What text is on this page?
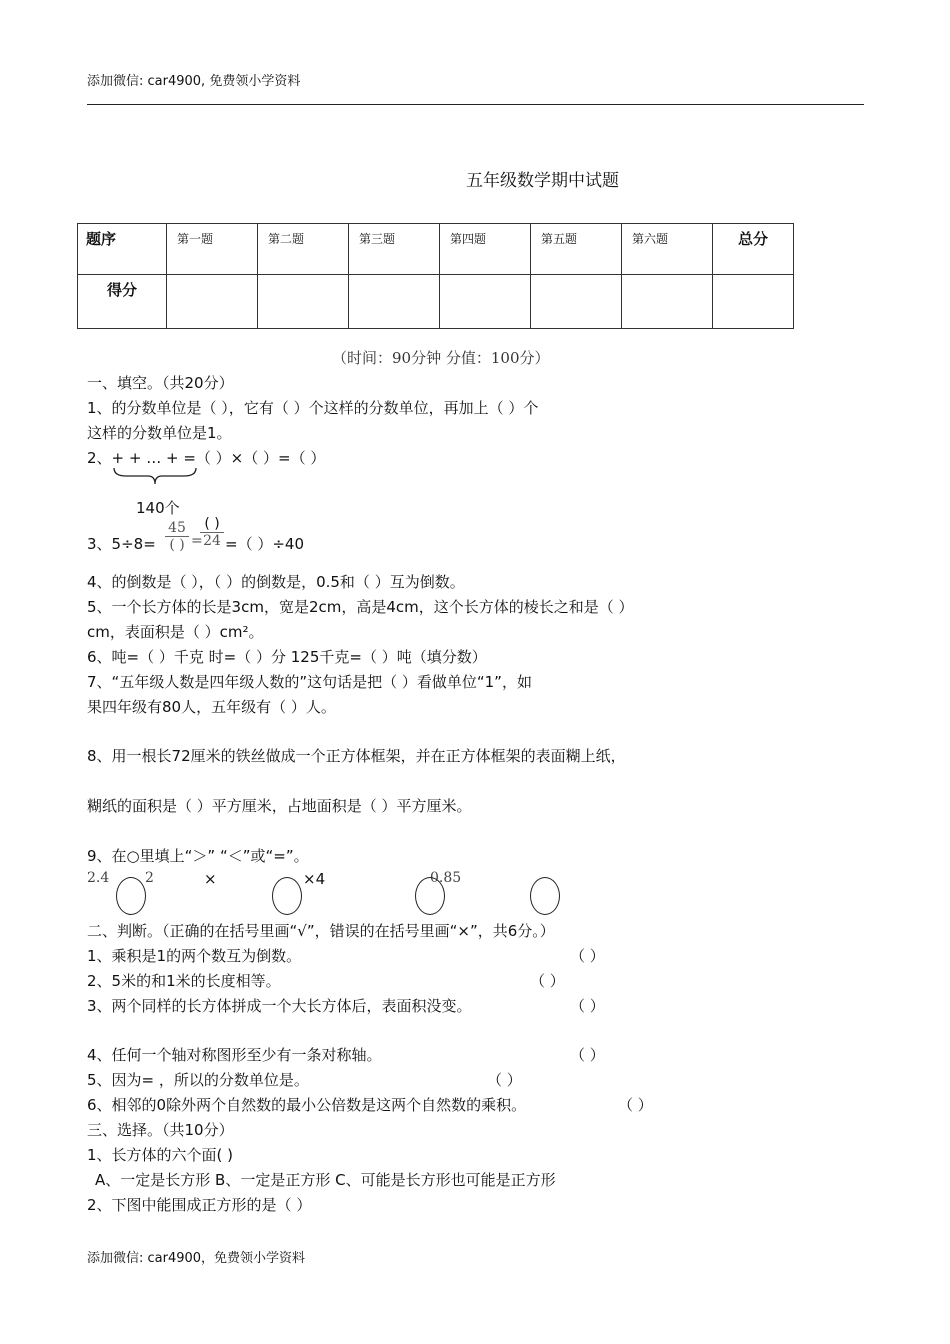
添加微信: car4900, 免费领小学资料
五年级数学期中试题
题序	第一题	第二题	第三题	第四题	第五题	第六题	总分
得分							
（时间：90分钟 分值：100分）
一、填空。（共20分）
1、的分数单位是（ ），它有（ ）个这样的分数单位，再加上（ ）个
这样的分数单位是1。
2、+ + … + =（ ）×（ ）=（ ）
140个
3、5÷8=
45
( ) =
( )
24 =（ ）÷40
4、的倒数是（ ），（ ）的倒数是，0.5和（ ）互为倒数。
5、一个长方体的长是3cm，宽是2cm，高是4cm，这个长方体的棱长之和是（ ）
cm，表面积是（ ）cm²。
6、吨=（ ）千克 时=（ ）分 125千克=（ ）吨（填分数）
7、“五年级人数是四年级人数的”这句话是把（ ）看做单位“1”，如
果四年级有80人，五年级有（ ）人。
8、用一根长72厘米的铁丝做成一个正方体框架，并在正方体框架的表面糊上纸，
糊纸的面积是（ ）平方厘米，占地面积是（ ）平方厘米。
9、在○里填上“＞” “＜”或“=”。
2.4	2	×	×4	0.85
二、判断。（正确的在括号里画“√”，错误的在括号里画“×”，共6分。）
1、乘积是1的两个数互为倒数。	（ ）
2、5米的和1米的长度相等。	（ ）
3、两个同样的长方体拼成一个大长方体后，表面积没变。	（ ）
4、任何一个轴对称图形至少有一条对称轴。	（ ）
5、因为= ，所以的分数单位是。	（ ）
6、相邻的0除外两个自然数的最小公倍数是这两个自然数的乘积。	（ ）
三、选择。（共10分）
1、长方体的六个面( )
A、一定是长方形 B、一定是正方形 C、可能是长方形也可能是正方形
2、下图中能围成正方形的是（ ）
添加微信: car4900，免费领小学资料
